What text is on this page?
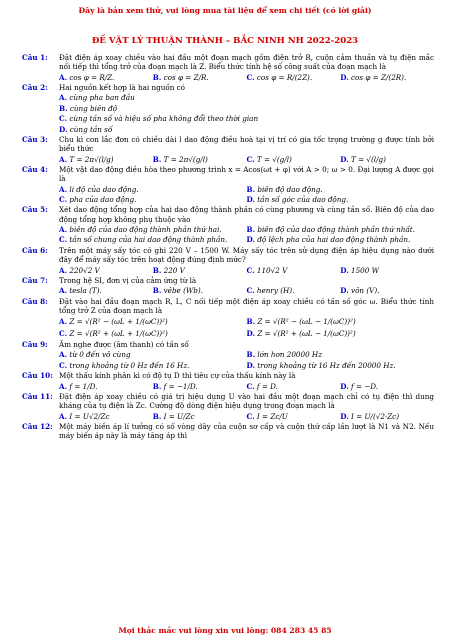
Đây là bản xem thử, vui lòng mua tài liệu để xem chi tiết (có lời giải)
ĐỀ VẬT LÝ THUẬN THÀNH – BẮC NINH NH 2022-2023
Câu 1:	Đặt điện áp xoay chiều vào hai đầu một đoạn mạch gồm điện trở R, cuộn cảm thuần và tụ điện mắc nối tiếp thì tổng trở của đoạn mạch là Z. Biểu thức tính hệ số công suất của đoạn mạch là
A. cos φ = R/Z.	B. cos φ = Z/R.	C. cos φ = R/(2Z).	D. cos φ = Z/(2R).
Câu 2:	Hai nguồn kết hợp là hai nguồn có
A. cùng pha ban đầu
B. cùng biên độ
C. cùng tần số và hiệu số pha không đổi theo thời gian
D. cùng tần số
Câu 3:	Chu kì con lắc đơn có chiều dài l dao động điều hoà tại vị trí có gia tốc trọng trường g được tính bởi biểu thức
A. T = 2π√(l/g)	B. T = 2π√(g/l)	C. T = √(g/l)	D. T = √(l/g)
Câu 4:	Một vật dao động điều hòa theo phương trình x = Acos(ωt + φ) với A > 0; ω > 0. Đại lượng A được gọi là
A. li độ của dao động.	B. biên độ dao động.
C. pha của dao động.	D. tần số góc của dao động.
Câu 5:	Xét dao động tổng hợp của hai dao động thành phần có cùng phương và cùng tần số. Biên độ của dao động tổng hợp không phụ thuộc vào
A. biên độ của dao động thành phần thứ hai.	B. biên độ của dao động thành phần thứ nhất.
C. tần số chung của hai dao động thành phần.	D. độ lệch pha của hai dao động thành phần.
Câu 6:	Trên một máy sấy tóc có ghi 220 V – 1500 W. Máy sấy tóc trên sử dụng điện áp hiệu dụng nào dưới đây để máy sấy tóc trên hoạt động đúng định mức?
A. 220√2 V	B. 220 V	C. 110√2 V	D. 1500 W
Câu 7:	Trong hệ SI, đơn vị của cảm ứng từ là
A. tesla (T).	B. vêbe (Wb).	C. henry (H).	D. vôn (V).
Câu 8:	Đặt vào hai đầu đoạn mạch R, L, C nối tiếp một điện áp xoay chiều có tần số góc ω. Biểu thức tính tổng trở Z của đoạn mạch là
A. Z = √(R² − (ωL + 1/(ωC))²)	B. Z = √(R² − (ωL − 1/(ωC))²)
C. Z = √(R² + (ωL + 1/(ωC))²)	D. Z = √(R² + (ωL − 1/(ωC))²)
Câu 9:	Âm nghe được (âm thanh) có tần số
A. từ 0 đến vô cùng	B. lớn hơn 20000 Hz
C. trong khoảng từ 0 Hz đến 16 Hz.	D. trong khoảng từ 16 Hz đến 20000 Hz.
Câu 10: Một thấu kính phân kì có độ tụ D thì tiêu cự của thấu kính này là
A. f = 1/D.	B. f = −1/D.	C. f = D.	D. f = −D.
Câu 11: Đặt điện áp xoay chiều có giá trị hiệu dụng U vào hai đầu một đoạn mạch chỉ có tụ điện thì dung kháng của tụ điện là Zc. Cường độ dòng điện hiệu dụng trong đoạn mạch là
A. I = U√2/Zc	B. I = U/Zc	C. I = Zc/U	D. I = U/(√2·Zc)
Câu 12: Một máy biến áp lí tưởng có số vòng dây của cuộn sơ cấp và cuộn thứ cấp lần lượt là N1 và N2. Nếu máy biến áp này là máy tăng áp thì
Mọi thắc mắc vui lòng xin vui lòng: 084 283 45 85
